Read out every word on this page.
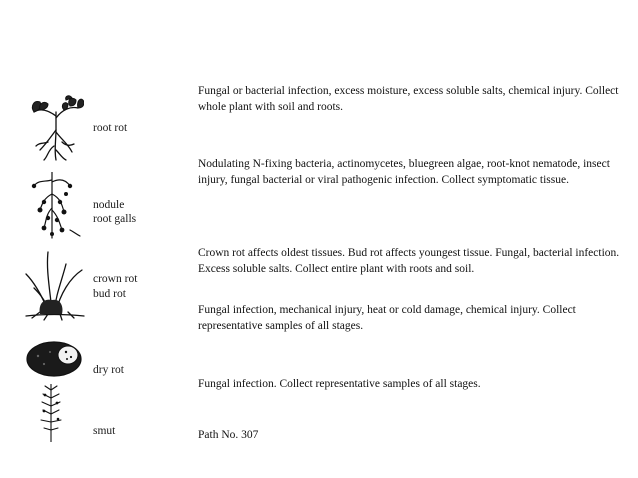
root rot
Fungal or bacterial infection, excess moisture, excess soluble salts, chemical injury. Collect whole plant with soil and roots.
nodule
root galls
Nodulating N-fixing bacteria, actinomycetes, bluegreen algae, root-knot nematode, insect injury, fungal bacterial or viral pathogenic infection. Collect symptomatic tissue.
crown rot
bud rot
Crown rot affects oldest tissues. Bud rot affects youngest tissue. Fungal, bacterial infection. Excess soluble salts. Collect entire plant with roots and soil.
Fungal infection, mechanical injury, heat or cold damage, chemical injury. Collect representative samples of all stages.
dry rot
smut
Fungal infection. Collect representative samples of all stages.
Path No. 307
